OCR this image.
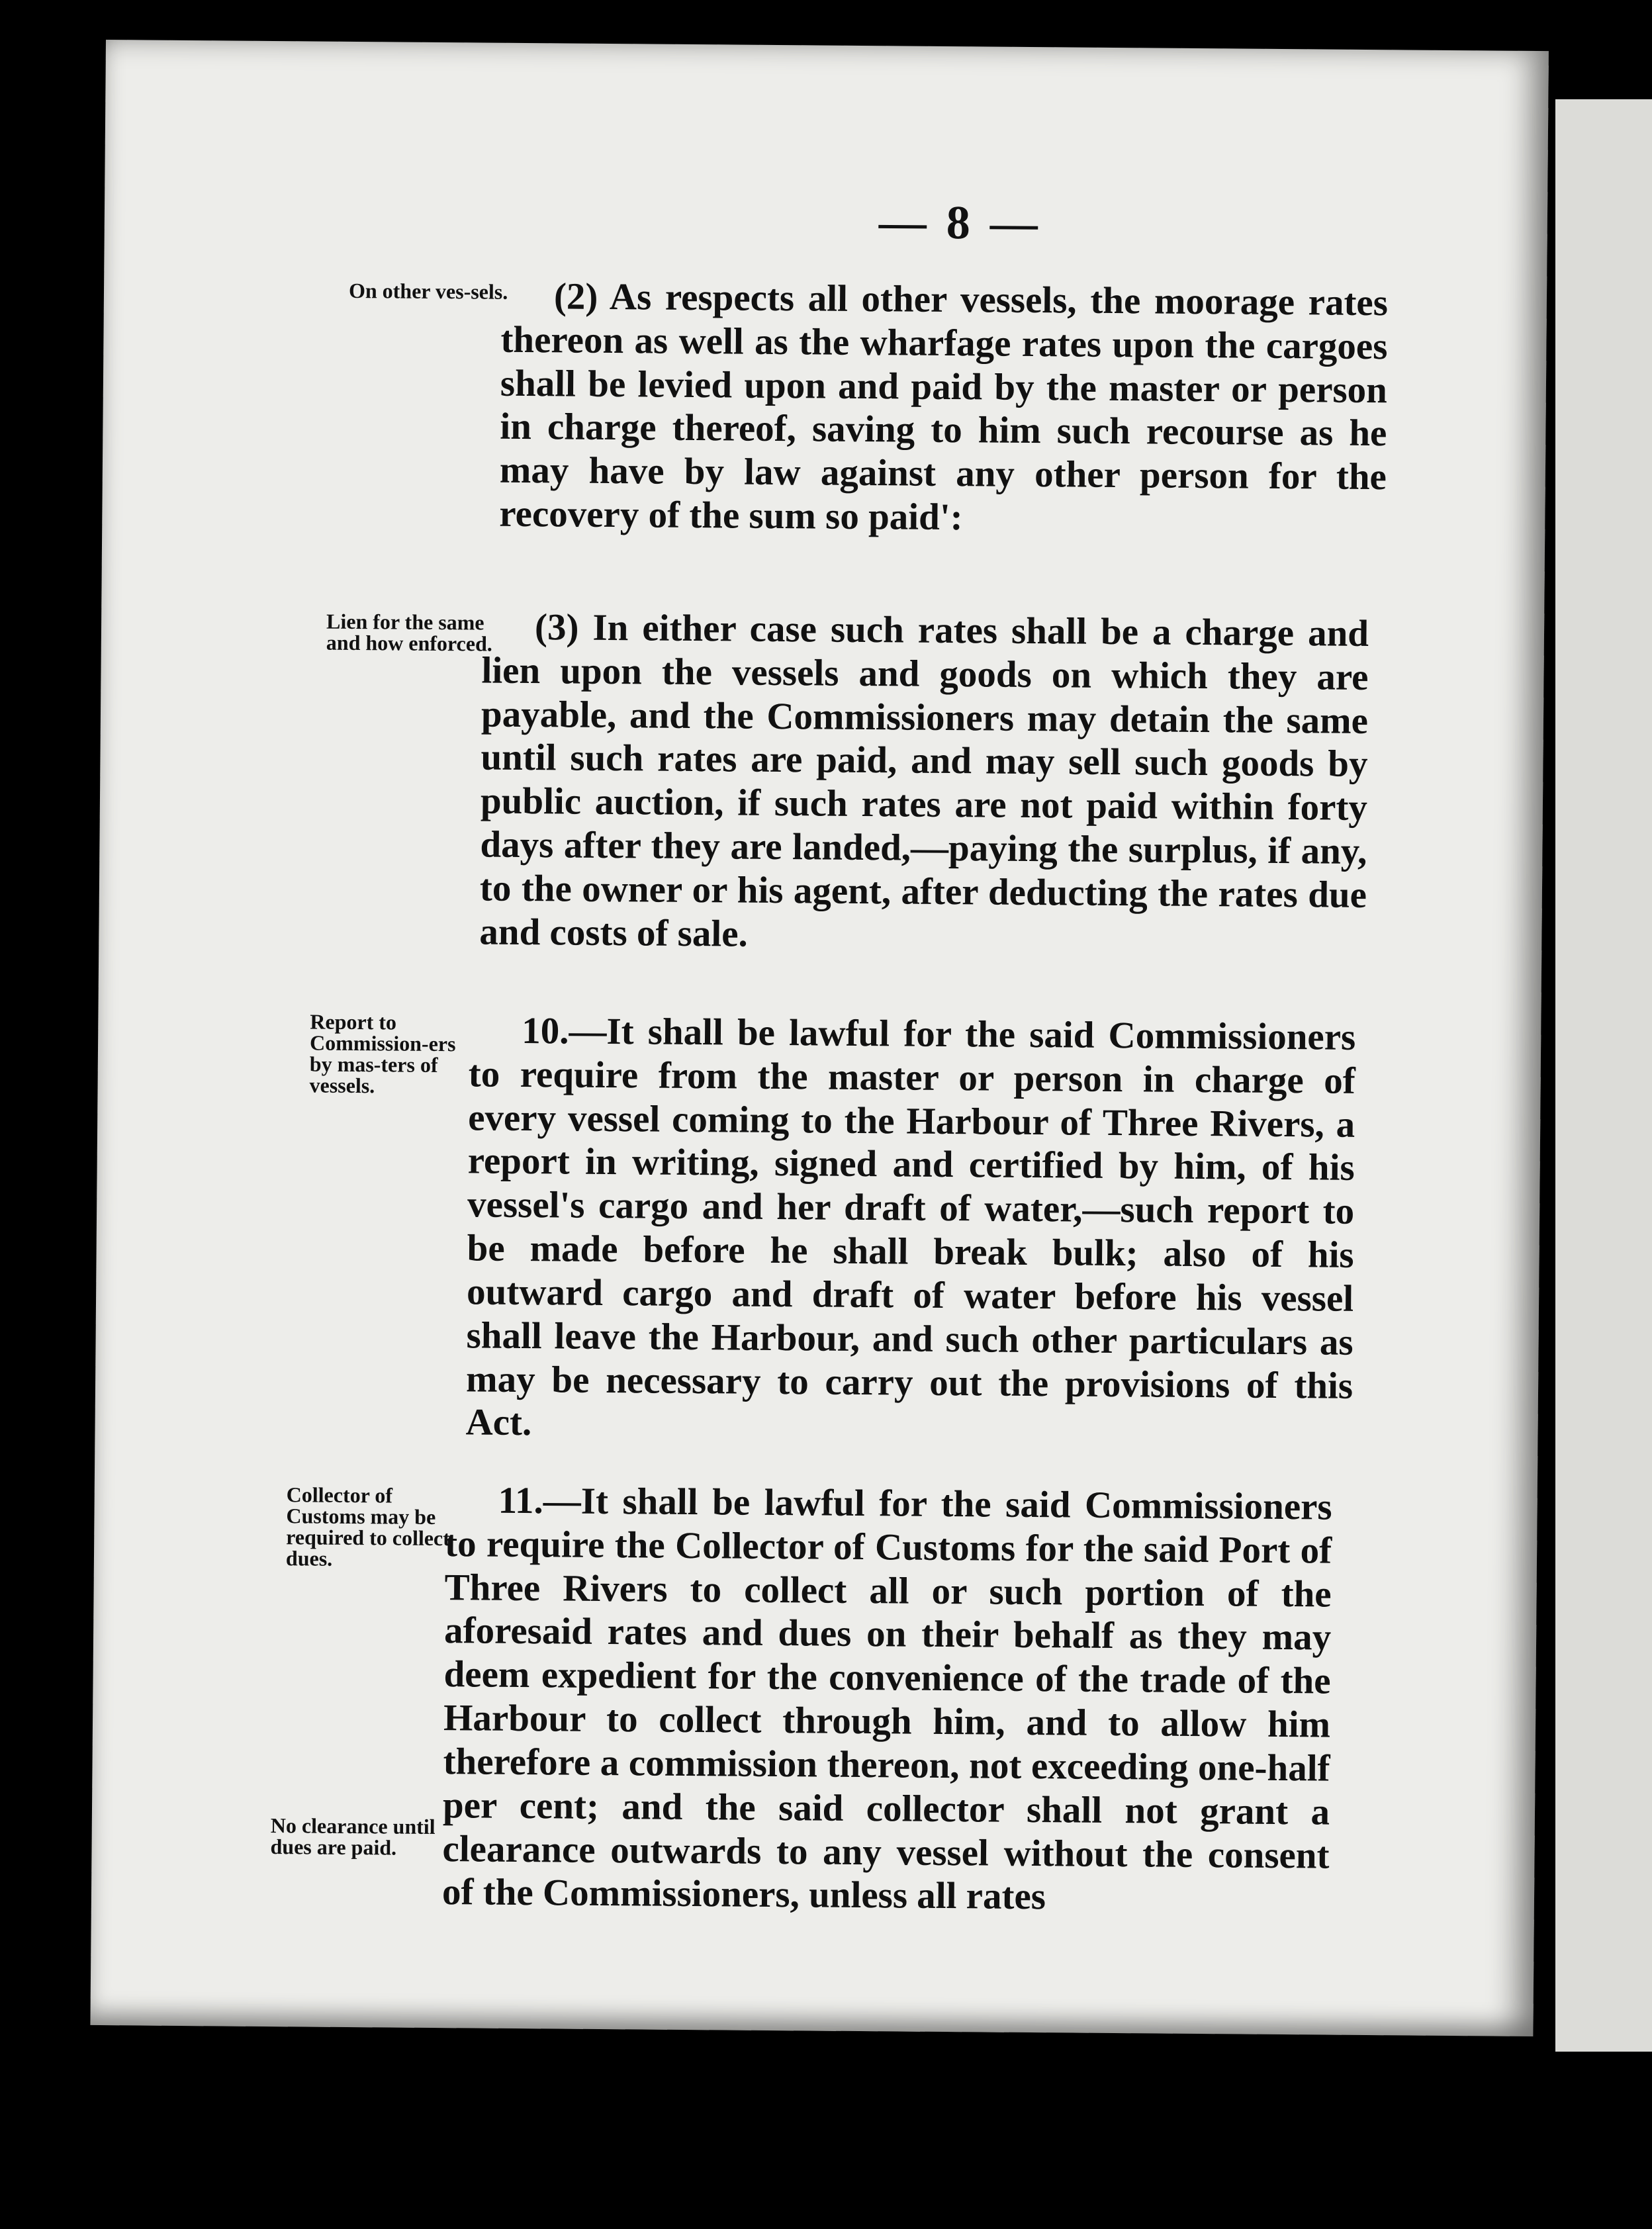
— 8 —
On other ves-sels.	(2) As respects all other vessels, the moorage rates thereon as well as the wharfage rates upon the cargoes shall be levied upon and paid by the master or person in charge thereof, saving to him such recourse as he may have by law against any other person for the recovery of the sum so paid':
Lien for the same and how enforced.	(3) In either case such rates shall be a charge and lien upon the vessels and goods on which they are payable, and the Commissioners may detain the same until such rates are paid, and may sell such goods by public auction, if such rates are not paid within forty days after they are landed,—paying the surplus, if any, to the owner or his agent, after deducting the rates due and costs of sale.
Report to Commission-ers by mas-ters of vessels.
10.—It shall be lawful for the said Commissioners to require from the master or person in charge of every vessel coming to the Harbour of Three Rivers, a report in writing, signed and certified by him, of his vessel's cargo and her draft of water,—such report to be made before he shall break bulk; also of his outward cargo and draft of water before his vessel shall leave the Harbour, and such other particulars as may be necessary to carry out the provisions of this Act.
Collector of Customs may be required to collect dues.
11.—It shall be lawful for the said Commissioners to require the Collector of Customs for the said Port of Three Rivers to collect all or such portion of the aforesaid rates and dues on their behalf as they may deem expedient for the convenience of the trade of the Harbour to collect through him, and to allow him therefore a commission thereon, not exceeding one-half per cent; and the said collector shall not grant a clearance outwards to any vessel without the consent of the Commissioners, unless all rates
No clearance until dues are paid.
